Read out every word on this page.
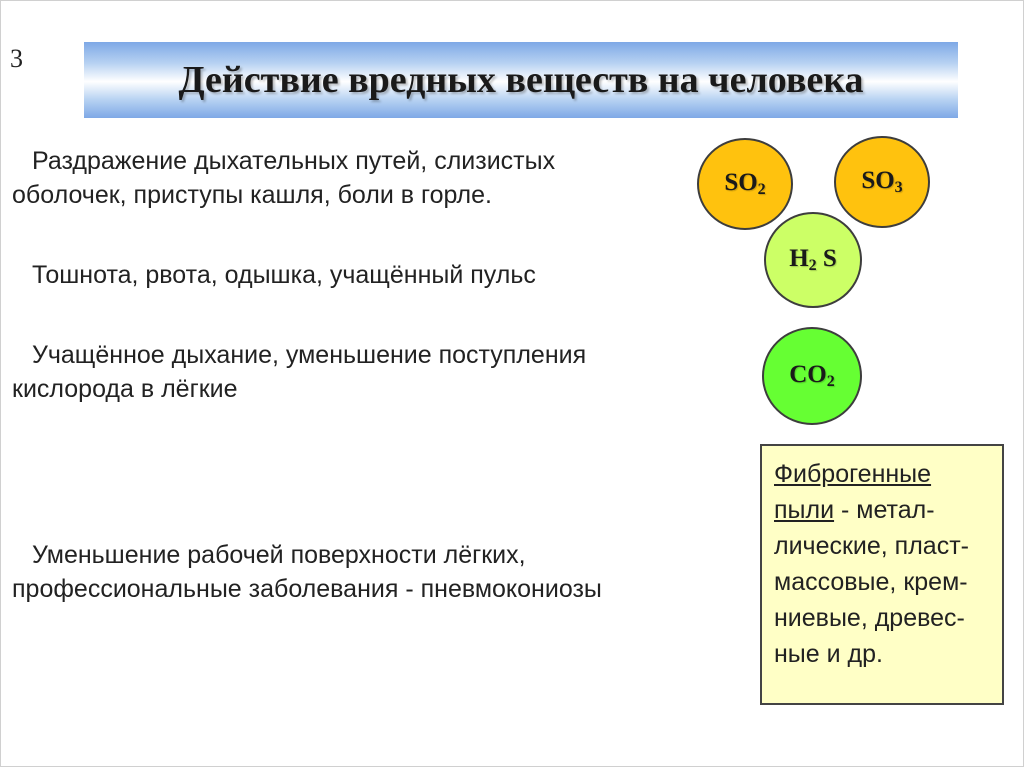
3
Действие вредных веществ на человека
Раздражение дыхательных путей, слизистых
оболочек, приступы кашля, боли в горле.
Тошнота, рвота, одышка, учащённый пульс
Учащённое дыхание, уменьшение поступления
кислорода в лёгкие
Уменьшение рабочей поверхности лёгких,
профессиональные заболевания - пневмокониозы
$SO_2$	$SO_3$
$H_2$ S
$CO_2$
Фиброгенные
пыли - метал-
лические, пласт-
массовые, крем-
ниевые, древес-
ные и др.
